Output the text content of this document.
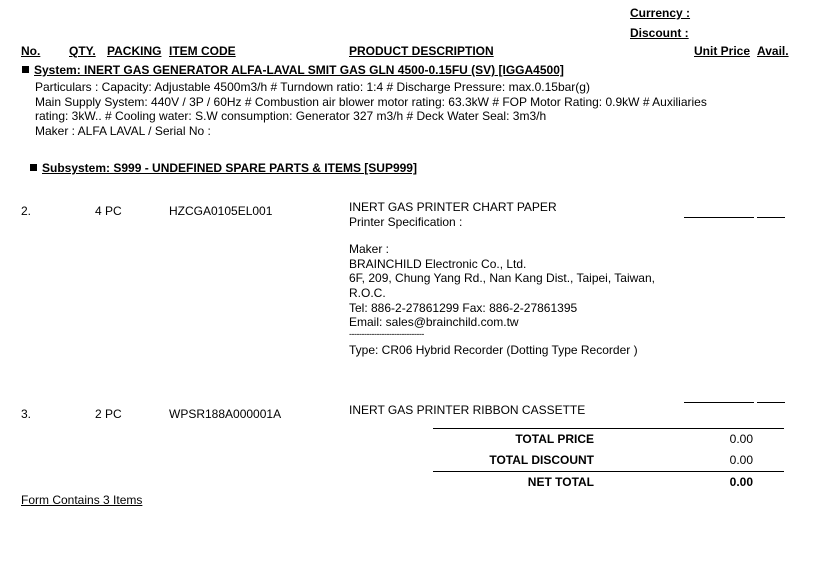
Currency :
Discount :
No. QTY. PACKING ITEM CODE	PRODUCT DESCRIPTION	Unit Price Avail.
System: INERT GAS GENERATOR ALFA-LAVAL SMIT GAS GLN 4500-0.15FU (SV) [IGGA4500]
Particulars : Capacity: Adjustable 4500m3/h # Turndown ratio: 1:4 # Discharge Pressure: max.0.15bar(g)
Main Supply System: 440V / 3P / 60Hz # Combustion air blower motor rating: 63.3kW # FOP Motor Rating: 0.9kW # Auxiliaries
rating: 3kW.. # Cooling water: S.W consumption: Generator 327 m3/h # Deck Water Seal: 3m3/h
Maker : ALFA LAVAL / Serial No :
Subsystem: S999 - UNDEFINED SPARE PARTS & ITEMS [SUP999]
2.	4 PC	HZCGA0105EL001	INERT GAS PRINTER CHART PAPER
Printer Specification :
Maker :
BRAINCHILD Electronic Co., Ltd.
6F, 209, Chung Yang Rd., Nan Kang Dist., Taipei, Taiwan,
R.O.C.
Tel: 886-2-27861299 Fax: 886-2-27861395
Email: sales@brainchild.com.tw
------------------------------
Type: CR06 Hybrid Recorder (Dotting Type Recorder )
3.	2 PC	WPSR188A000001A	INERT GAS PRINTER RIBBON CASSETTE
TOTAL PRICE	0.00
TOTAL DISCOUNT	0.00
NET TOTAL	0.00
Form Contains 3 Items
